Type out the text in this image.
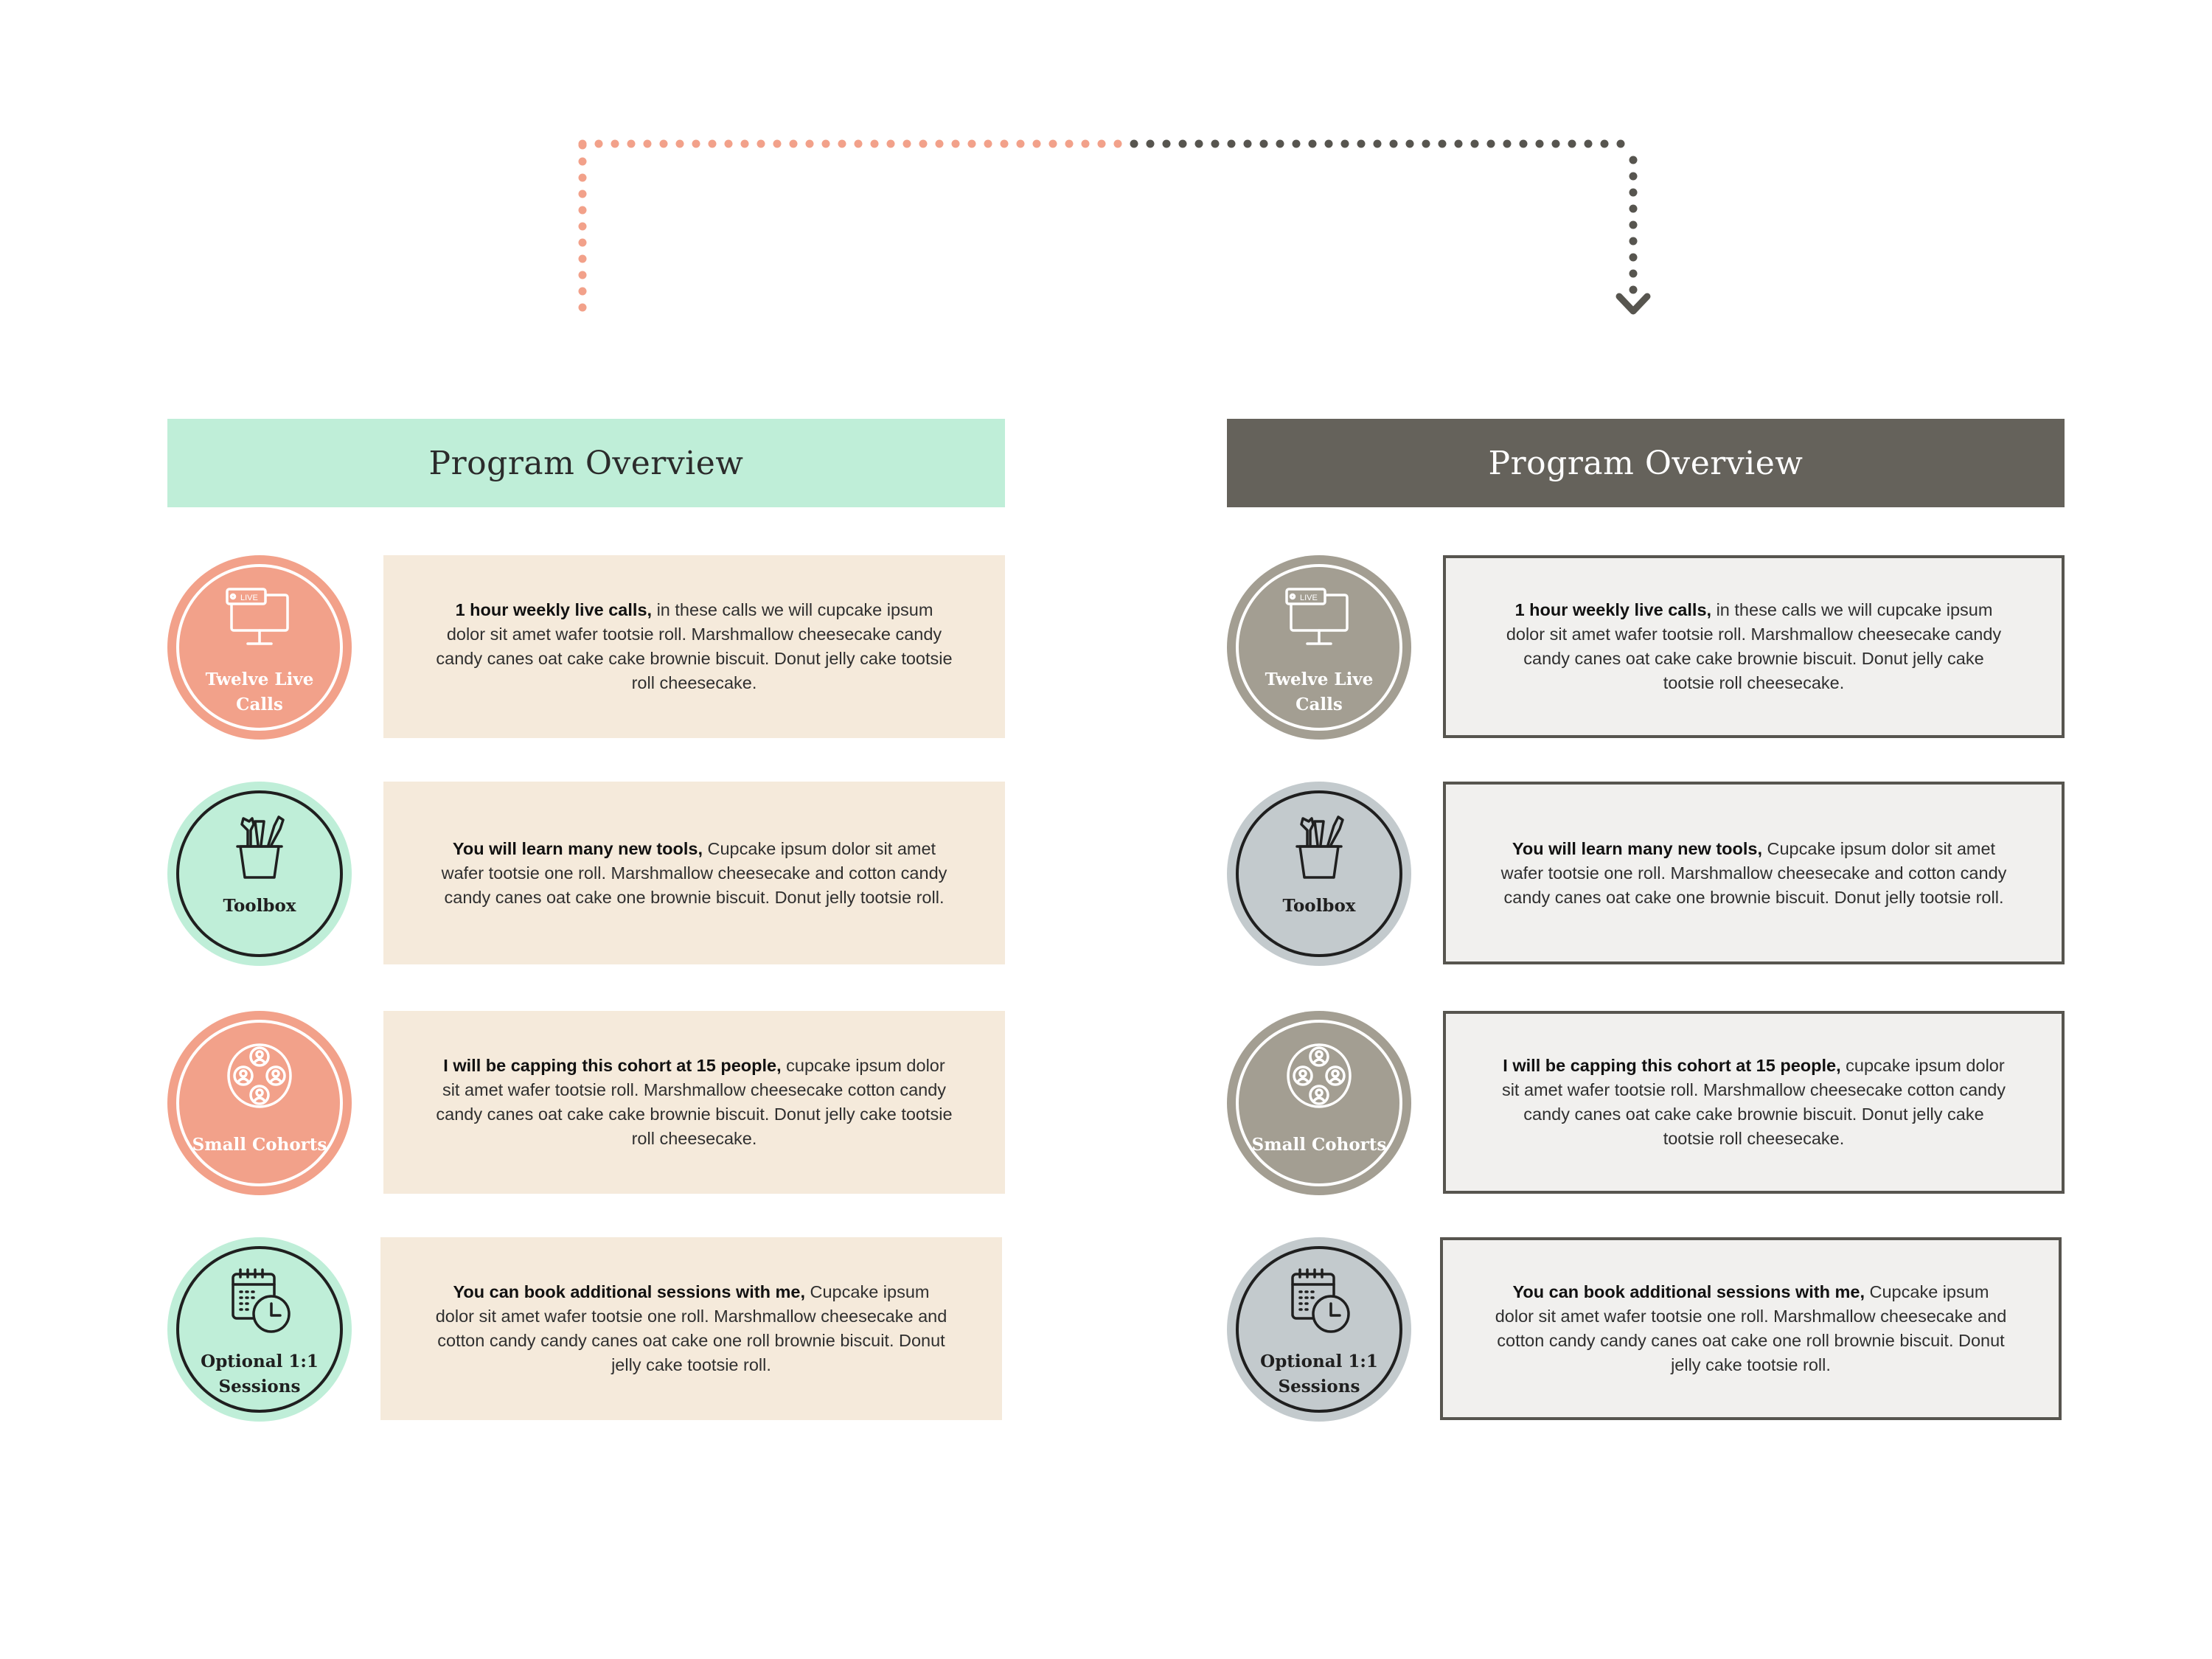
Program Overview
LIVE
Twelve Live
Calls
1 hour weekly live calls, in these calls we will cupcake ipsum dolor sit amet wafer tootsie roll. Marshmallow cheesecake candy candy canes oat cake cake brownie biscuit. Donut jelly cake tootsie roll cheesecake.
Toolbox
You will learn many new tools, Cupcake ipsum dolor sit amet wafer tootsie one roll. Marshmallow cheesecake and cotton candy candy canes oat cake one brownie biscuit. Donut jelly tootsie roll.
Small Cohorts
I will be capping this cohort at 15 people, cupcake ipsum dolor sit amet wafer tootsie roll. Marshmallow cheesecake cotton candy candy canes oat cake cake brownie biscuit. Donut jelly cake tootsie roll cheesecake.
Optional 1:1
Sessions
You can book additional sessions with me, Cupcake ipsum dolor sit amet wafer tootsie one roll. Marshmallow cheesecake and cotton candy candy canes oat cake one roll brownie biscuit. Donut jelly cake tootsie roll.
Program Overview
LIVE
Twelve Live
Calls
1 hour weekly live calls, in these calls we will cupcake ipsum dolor sit amet wafer tootsie roll. Marshmallow cheesecake candy candy canes oat cake cake brownie biscuit. Donut jelly cake tootsie roll cheesecake.
Toolbox
You will learn many new tools, Cupcake ipsum dolor sit amet wafer tootsie one roll. Marshmallow cheesecake and cotton candy candy canes oat cake one brownie biscuit. Donut jelly tootsie roll.
Small Cohorts
I will be capping this cohort at 15 people, cupcake ipsum dolor sit amet wafer tootsie roll. Marshmallow cheesecake cotton candy candy canes oat cake cake brownie biscuit. Donut jelly cake tootsie roll cheesecake.
Optional 1:1
Sessions
You can book additional sessions with me, Cupcake ipsum dolor sit amet wafer tootsie one roll. Marshmallow cheesecake and cotton candy candy canes oat cake one roll brownie biscuit. Donut jelly cake tootsie roll.
